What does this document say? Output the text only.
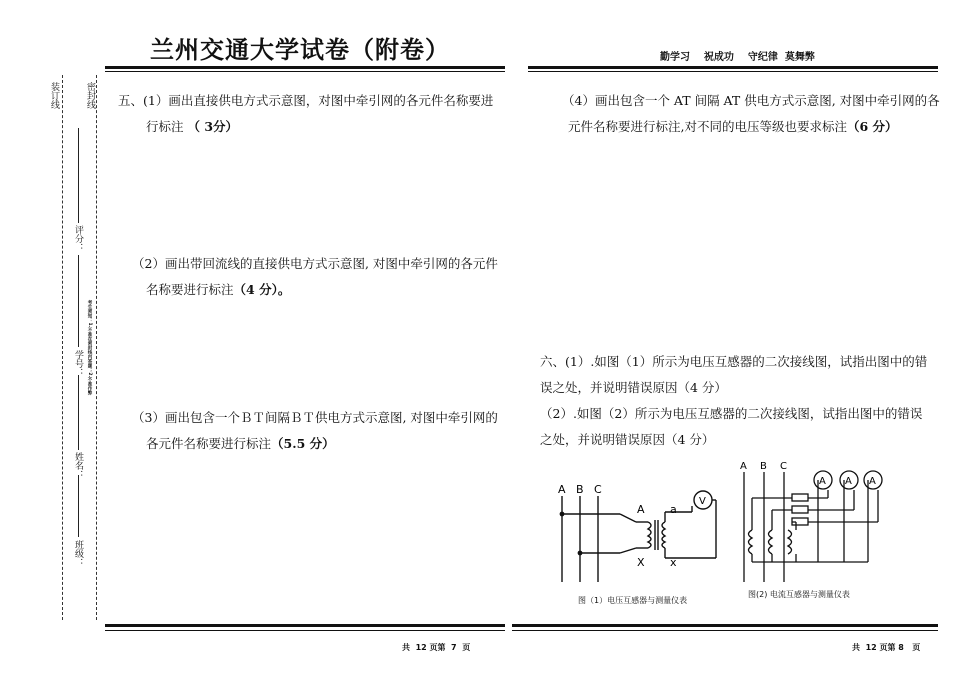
兰州交通大学试卷（附卷）	勤学习    祝成功    守纪律  莫舞弊
装订线	密封线
评分：
学号： 考生须知：1.不准在密封线内答题；2.不准作弊
姓名：
班级：
五、(1）画出直接供电方式示意图，对图中牵引网的各元件名称要进
行标注 （ 3分）
（2）画出带回流线的直接供电方式示意图, 对图中牵引网的各元件
名称要进行标注（4 分）。
（3）画出包含一个ＢＴ间隔ＢＴ供电方式示意图, 对图中牵引网的
各元件名称要进行标注（5.5 分）
（4）画出包含一个 AT 间隔 AT 供电方式示意图, 对图中牵引网的各
元件名称要进行标注,对不同的电压等级也要求标注（6 分）
六、(1）.如图（1）所示为电压互感器的二次接线图，试指出图中的错
误之处，并说明错误原因（4 分）
（2）.如图（2）所示为电压互感器的二次接线图，试指出图中的错误
之处，并说明错误原因（4 分）
A B C
A
X
a
x
V
图（1）电压互感器与测量仪表
A B C
A A A
图(2) 电流互感器与测量仪表
共  12 页第  7  页	共  12 页第 8   页
